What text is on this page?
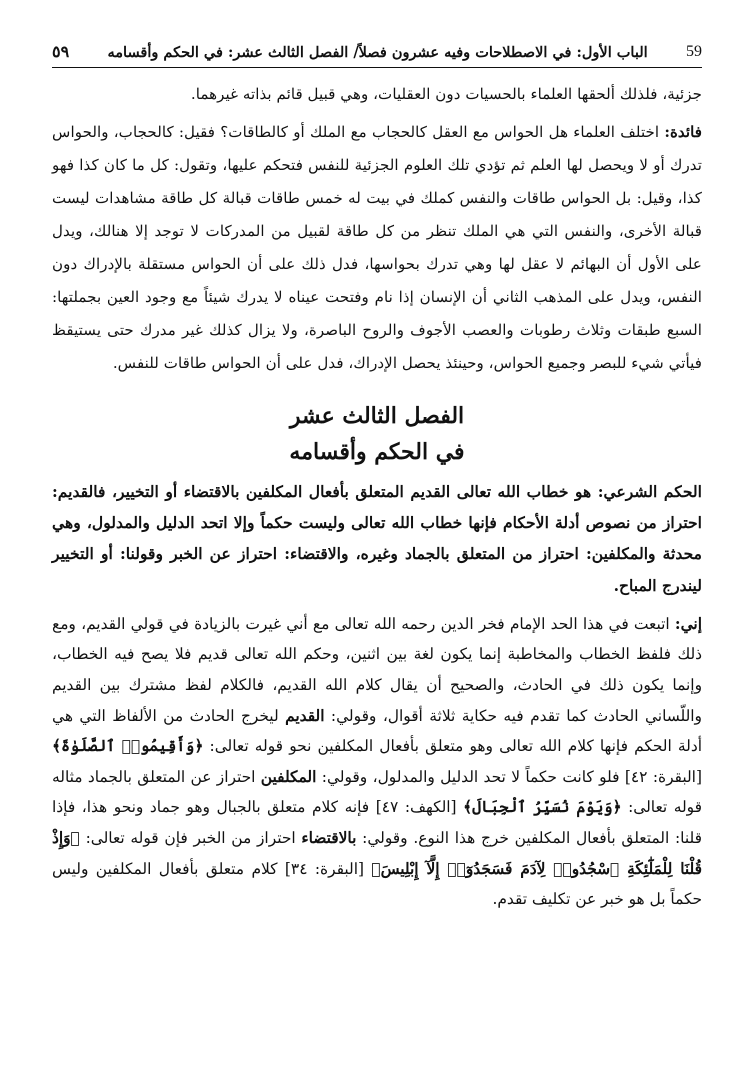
٥٩	الباب الأول: في الاصطلاحات وفيه عشرون فصلاً/ الفصل الثالث عشر: في الحكم وأقسامه 59

جزئية، فلذلك ألحقها العلماء بالحسيات دون العقليات، وهي قبيل قائم بذاته غيرهما.

فائدة: اختلف العلماء هل الحواس مع العقل كالحجاب مع الملك أو كالطاقات؟ فقيل: كالحجاب، والحواس تدرك أو لا ويحصل لها العلم ثم تؤدي تلك العلوم الجزئية للنفس فتحكم عليها، وتقول: كل ما كان كذا فهو كذا، وقيل: بل الحواس طاقات والنفس كملك في بيت له خمس طاقات قبالة كل طاقة مشاهدات ليست قبالة الأخرى، والنفس التي هي الملك تنظر من كل طاقة لقبيل من المدركات لا توجد إلا هنالك، ويدل على الأول أن البهائم لا عقل لها وهي تدرك بحواسها، فدل ذلك على أن الحواس مستقلة بالإدراك دون النفس، ويدل على المذهب الثاني أن الإنسان إذا نام وفتحت عيناه لا يدرك شيئاً مع وجود العين بجملتها: السبع طبقات وثلاث رطوبات والعصب الأجوف والروح الباصرة، ولا يزال كذلك غير مدرك حتى يستيقظ فيأتي شيء للبصر وجميع الحواس، وحينئذ يحصل الإدراك، فدل على أن الحواس طاقات للنفس.

الفصل الثالث عشر
في الحكم وأقسامه

الحكم الشرعي: هو خطاب الله تعالى القديم المتعلق بأفعال المكلفين بالاقتضاء أو التخيير، فالقديم: احتراز من نصوص أدلة الأحكام فإنها خطاب الله تعالى وليست حكماً وإلا اتحد الدليل والمدلول، وهي محدثة والمكلفين: احتراز من المتعلق بالجماد وغيره، والاقتضاء: احتراز عن الخبر وقولنا: أو التخيير ليندرج المباح.

إني: اتبعت في هذا الحد الإمام فخر الدين رحمه الله تعالى مع أني غيرت بالزيادة في قولي القديم، ومع ذلك فلفظ الخطاب والمخاطبة إنما يكون لغة بين اثنين، وحكم الله تعالى قديم فلا يصح فيه الخطاب، وإنما يكون ذلك في الحادث، والصحيح أن يقال كلام الله القديم، فالكلام لفظ مشترك بين القديم واللّساني الحادث كما تقدم فيه حكاية ثلاثة أقوال، وقولي: القديم ليخرج الحادث من الألفاظ التي هي أدلة الحكم فإنها كلام الله تعالى وهو متعلق بأفعال المكلفين نحو قوله تعالى: ﴿وَأَقِيمُوا۟ ٱلصَّلَوٰةَ﴾ [البقرة: ٤٢] فلو كانت حكماً لا تحد الدليل والمدلول، وقولي: المكلفين احتراز عن المتعلق بالجماد مثاله قوله تعالى: ﴿وَيَوْمَ نُسَيِّرُ ٱلْجِبَالَ﴾ [الكهف: ٤٧] فإنه كلام متعلق بالجبال وهو جماد ونحو هذا، فإذا قلنا: المتعلق بأفعال المكلفين خرج هذا النوع. وقولي: بالاقتضاء احتراز من الخبر فإن قوله تعالى: ﴿وَإِذْ قُلْنَا لِلْمَلَٰٓئِكَةِ ٱسْجُدُوا۟ لِآدَمَ فَسَجَدُوٓا۟ إِلَّآ إِبْلِيسَ﴾ [البقرة: ٣٤] كلام متعلق بأفعال المكلفين وليس حكماً بل هو خبر عن تكليف تقدم.
